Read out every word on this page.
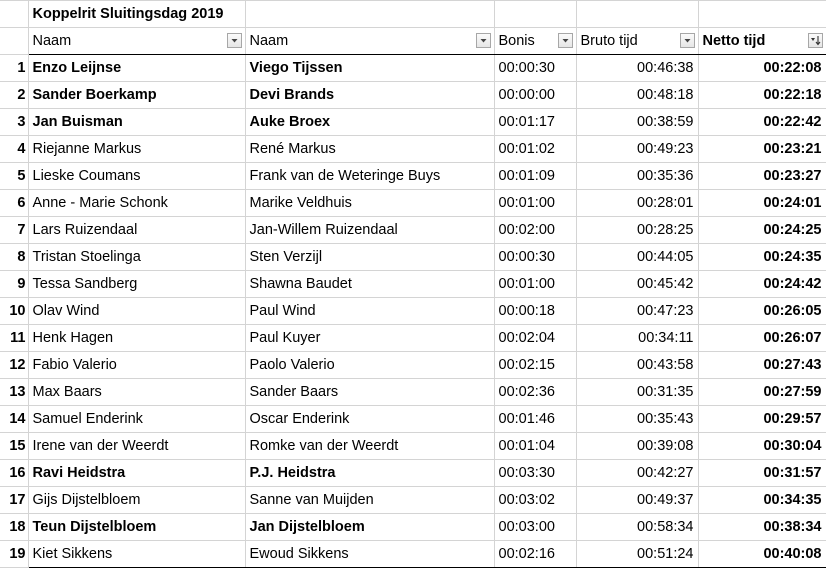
	Koppelrit Sluitingsdag 2019				
	Naam	Naam	Bonis	Bruto tijd	Netto tijd

1	Enzo Leijnse	Viego Tijssen	00:00:30	00:46:38	00:22:08
2	Sander Boerkamp	Devi Brands	00:00:00	00:48:18	00:22:18
3	Jan Buisman	Auke Broex	00:01:17	00:38:59	00:22:42
4	Riejanne Markus	René Markus	00:01:02	00:49:23	00:23:21
5	Lieske Coumans	Frank van de Weteringe Buys	00:01:09	00:35:36	00:23:27
6	Anne - Marie Schonk	Marike Veldhuis	00:01:00	00:28:01	00:24:01
7	Lars Ruizendaal	Jan-Willem Ruizendaal	00:02:00	00:28:25	00:24:25
8	Tristan Stoelinga	Sten Verzijl	00:00:30	00:44:05	00:24:35
9	Tessa Sandberg	Shawna Baudet	00:01:00	00:45:42	00:24:42
10	Olav Wind	Paul Wind	00:00:18	00:47:23	00:26:05
11	Henk Hagen	Paul Kuyer	00:02:04	00:34:11	00:26:07
12	Fabio Valerio	Paolo Valerio	00:02:15	00:43:58	00:27:43
13	Max Baars	Sander Baars	00:02:36	00:31:35	00:27:59
14	Samuel Enderink	Oscar Enderink	00:01:46	00:35:43	00:29:57
15	Irene van der Weerdt	Romke van der Weerdt	00:01:04	00:39:08	00:30:04
16	Ravi Heidstra	P.J. Heidstra	00:03:30	00:42:27	00:31:57
17	Gijs Dijstelbloem	Sanne van Muijden	00:03:02	00:49:37	00:34:35
18	Teun Dijstelbloem	Jan Dijstelbloem	00:03:00	00:58:34	00:38:34
19	Kiet Sikkens	Ewoud Sikkens	00:02:16	00:51:24	00:40:08
